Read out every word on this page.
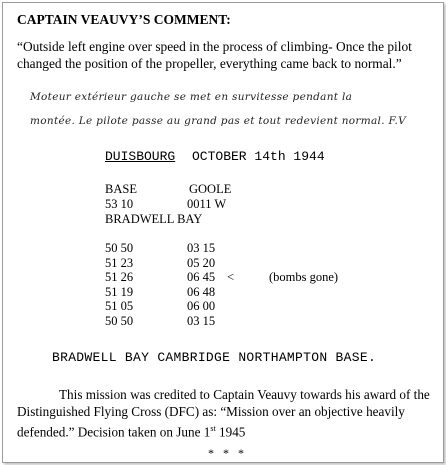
CAPTAIN VEAUVY’S COMMENT:
“Outside left engine over speed in the process of climbing- Once the pilot changed the position of the propeller, everything came back to normal.”
Moteur extérieur gauche se met en survitesse pendant la
montée. Le pilote passe au grand pas et tout redevient normal. F.V
DUISBOURG OCTOBER 14th 1944
BASE	GOOLE
53 10	0011 W
BRADWELL BAY
50 50	03 15
51 23	05 20
51 26	06 45 <	(bombs gone)
51 19	06 48
51 05	06 00
50 50	03 15
BRADWELL BAY CAMBRIDGE NORTHAMPTON BASE.
This mission was credited to Captain Veauvy towards his award of the Distinguished Flying Cross (DFC) as: “Mission over an objective heavily defended.” Decision taken on June 1st 1945
* * *
